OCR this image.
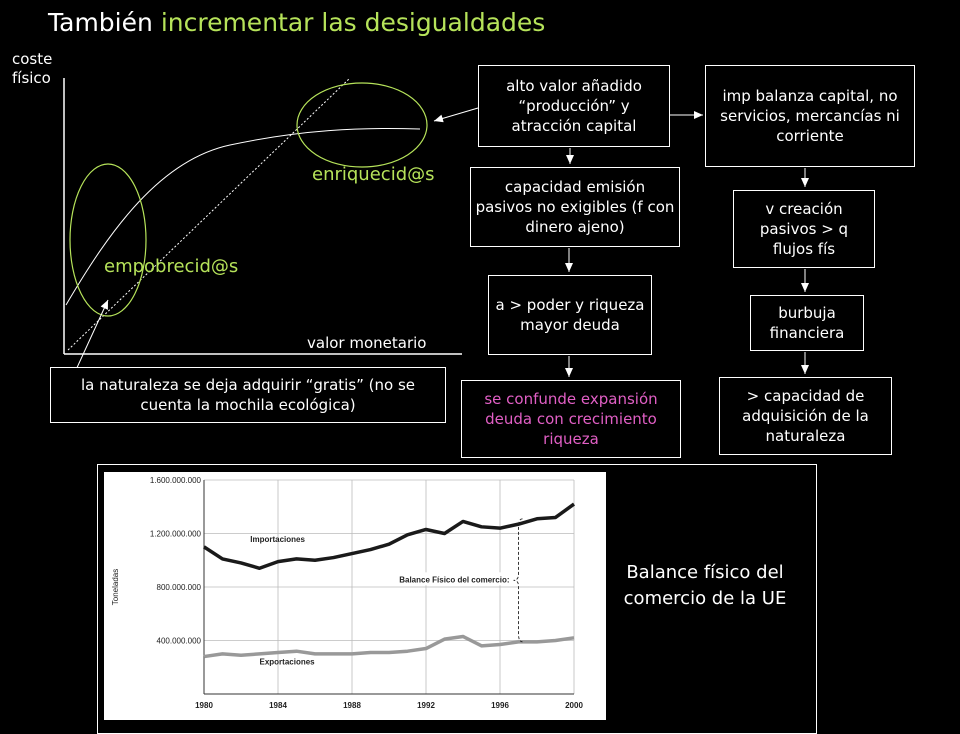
También incrementar las desigualdades
coste
físico
valor monetario
enriquecid@s
empobrecid@s
la naturaleza se deja adquirir “gratis” (no se cuenta la mochila ecológica)
alto valor añadido “producción” y atracción capital
capacidad emisión pasivos no exigibles (f con dinero ajeno)
a > poder y riqueza mayor deuda
se confunde expansión deuda con crecimiento riqueza
imp balanza capital, no servicios, mercancías ni corriente
v creación pasivos > q flujos fís
burbuja financiera
> capacidad de adquisición de la naturaleza
400.000.000
800.000.000
1.200.000.000
1.600.000.000
1980	1984	1988	1992	1996	2000
Toneladas
Importaciones
Exportaciones
Balance Físico del comercio:	Balance físico del comercio de la UE
